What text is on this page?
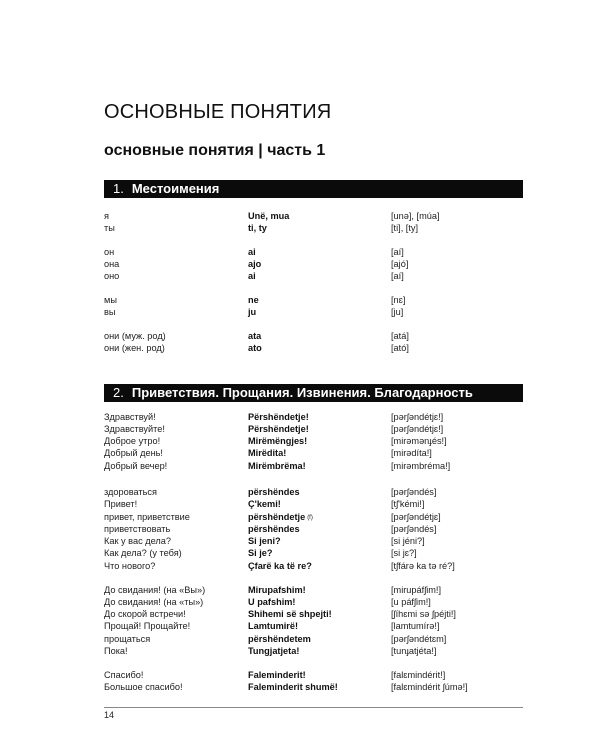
ОСНОВНЫЕ ПОНЯТИЯ
основные понятия | часть 1
1. Местоимения
2. Приветствия. Прощания. Извинения. Благодарность
я	Unë, mua	[unə], [múa]
ты	ti, ty	[ti], [ty]
он	ai	[aí]
она	ajo	[ajó]
оно	ai	[aí]
мы	ne	[nɛ]
вы	ju	[ju]
они (муж. род)	ata	[atá]
они (жен. род)	ato	[ató]
Здравствуй!	Përshëndetje!	[pərʃəndétjɛ!]
Здравствуйте!	Përshëndetje!	[pərʃəndétjɛ!]
Доброе утро!	Mirëmëngjes!	[mirəmənɟés!]
Добрый день!	Mirëdita!	[mirədíta!]
Добрый вечер!	Mirëmbrëma!	[mirəmbréma!]
здороваться	përshëndes	[pərʃəndés]
Привет!	Ç'kemi!	[tʃ'kémi!]
привет, приветствие	përshëndetje (f)	[pərʃəndétjɛ]
приветствовать	përshëndes	[pərʃəndés]
Как у вас дела?	Si jeni?	[si jéni?]
Как дела? (у тебя)	Si je?	[si jɛ?]
Что нового?	Çfarë ka të re?	[tʃfárə ka tə ré?]
До свидания! (на «Вы»)	Mirupafshim!	[mirupáfʃim!]
До свидания! (на «ты»)	U pafshim!	[u páfʃim!]
До скорой встречи!	Shihemi së shpejti!	[ʃíhɛmi sə ʃpéjti!]
Прощай! Прощайте!	Lamtumirë!	[lamtumírə!]
прощаться	përshëndetem	[pərʃəndétɛm]
Пока!	Tungjatjeta!	[tunɟatjéta!]
Спасибо!	Faleminderit!	[falɛmindérit!]
Большое спасибо!	Faleminderit shumë!	[falɛmindérit ʃúmə!]
14
